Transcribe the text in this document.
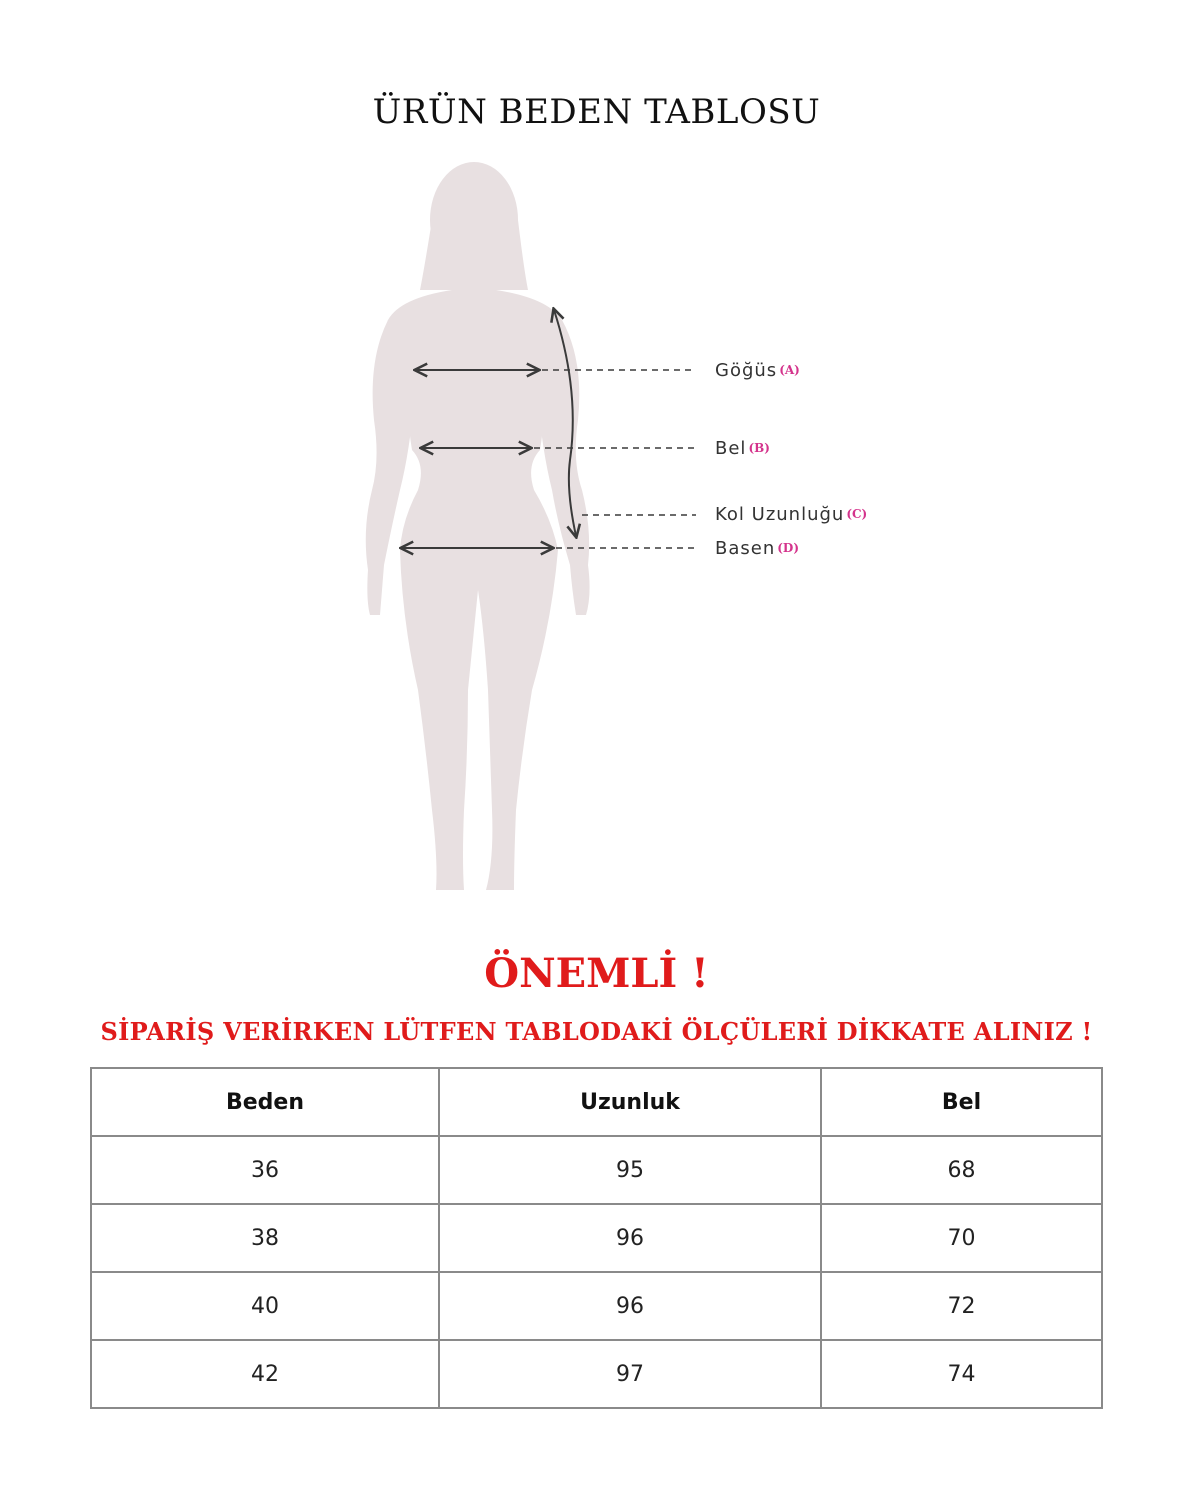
ÜRÜN BEDEN TABLOSU
Göğüs (A)
Bel (B)
Kol Uzunluğu (C)
Basen (D)
ÖNEMLİ !
SİPARİŞ VERİRKEN LÜTFEN TABLODAKİ ÖLÇÜLERİ DİKKATE ALINIZ !
Beden	Uzunluk	Bel
36	95	68
38	96	70
40	96	72
42	97	74
